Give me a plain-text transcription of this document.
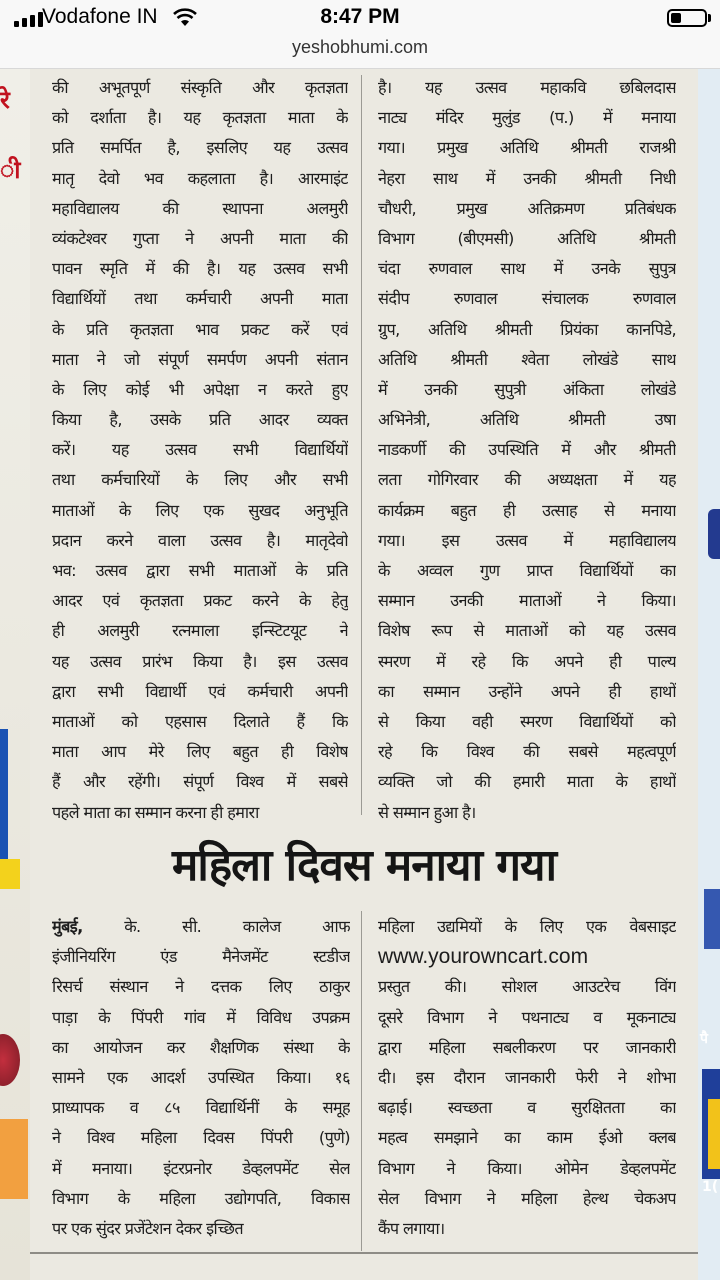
Vodafone IN	8:47 PM
yeshobhumi.com
रे
ी
की अभूतपूर्ण संस्कृति और कृतज्ञता
को दर्शाता है। यह कृतज्ञता माता के
प्रति समर्पित है, इसलिए यह उत्सव
मातृ देवो भव कहलाता है। आरमाइंट
महाविद्यालय की स्थापना अलमुरी
व्यंकटेश्वर गुप्ता ने अपनी माता की
पावन स्मृति में की है। यह उत्सव सभी
विद्यार्थियों तथा कर्मचारी अपनी माता
के प्रति कृतज्ञता भाव प्रकट करें एवं
माता ने जो संपूर्ण समर्पण अपनी संतान
के लिए कोई भी अपेक्षा न करते हुए
किया है, उसके प्रति आदर व्यक्त
करें। यह उत्सव सभी विद्यार्थियों
तथा कर्मचारियों के लिए और सभी
माताओं के लिए एक सुखद अनुभूति
प्रदान करने वाला उत्सव है। मातृदेवो
भव: उत्सव द्वारा सभी माताओं के प्रति
आदर एवं कृतज्ञता प्रकट करने के हेतु
ही अलमुरी रत्नमाला इन्स्टिटयूट ने
यह उत्सव प्रारंभ किया है। इस उत्सव
द्वारा सभी विद्यार्थी एवं कर्मचारी अपनी
माताओं को एहसास दिलाते हैं कि
माता आप मेरे लिए बहुत ही विशेष
हैं और रहेंगी। संपूर्ण विश्व में सबसे
पहले माता का सम्मान करना ही हमारा
है। यह उत्सव महाकवि छबिलदास
नाट्य मंदिर मुलुंड (प.) में मनाया
गया। प्रमुख अतिथि श्रीमती राजश्री
नेहरा साथ में उनकी श्रीमती निधी
चौधरी, प्रमुख अतिक्रमण प्रतिबंधक
विभाग (बीएमसी) अतिथि श्रीमती
चंदा रुणवाल साथ में उनके सुपुत्र
संदीप रुणवाल संचालक रुणवाल
ग्रुप, अतिथि श्रीमती प्रियंका कानपिडे,
अतिथि श्रीमती श्वेता लोखंडे साथ
में उनकी सुपुत्री अंकिता लोखंडे
अभिनेत्री, अतिथि श्रीमती उषा
नाडकर्णी की उपस्थिति में और श्रीमती
लता गोगिरवार की अध्यक्षता में यह
कार्यक्रम बहुत ही उत्साह से मनाया
गया। इस उत्सव में महाविद्यालय
के अव्वल गुण प्राप्त विद्यार्थियों का
सम्मान उनकी माताओं ने किया।
विशेष रूप से माताओं को यह उत्सव
स्मरण में रहे कि अपने ही पाल्य
का सम्मान उन्होंने अपने ही हाथों
से किया वही स्मरण विद्यार्थियों को
रहे कि विश्व की सबसे महत्वपूर्ण
व्यक्ति जो की हमारी माता के हाथों
से सम्मान हुआ है।
महिला दिवस मनाया गया
मुंबई, के. सी. कालेज आफ
इंजीनियरिंग एंड मैनेजमेंट स्टडीज
रिसर्च संस्थान ने दत्तक लिए ठाकुर
पाड़ा के पिंपरी गांव में विविध उपक्रम
का आयोजन कर शैक्षणिक संस्था के
सामने एक आदर्श उपस्थित किया। १६
प्राध्यापक व ८५ विद्यार्थिनीं के समूह
ने विश्व महिला दिवस पिंपरी (पुणे)
में मनाया। इंटरप्रनोर डेव्हलपमेंट सेल
विभाग के महिला उद्योगपति, विकास
पर एक सुंदर प्रजेंटेशन देकर इच्छित
महिला उद्यमियों के लिए एक वेबसाइट
www.yourowncart.com
प्रस्तुत की। सोशल आउटरेच विंग
दूसरे विभाग ने पथनाट्य व मूकनाट्य
द्वारा महिला सबलीकरण पर जानकारी
दी। इस दौरान जानकारी फेरी ने शोभा
बढ़ाई। स्वच्छता व सुरक्षितता का
महत्व समझाने का काम ईओ क्लब
विभाग ने किया। ओमेन डेव्हलपमेंट
सेल विभाग ने महिला हेल्थ चेकअप
कैंप लगाया।
पै
1(
